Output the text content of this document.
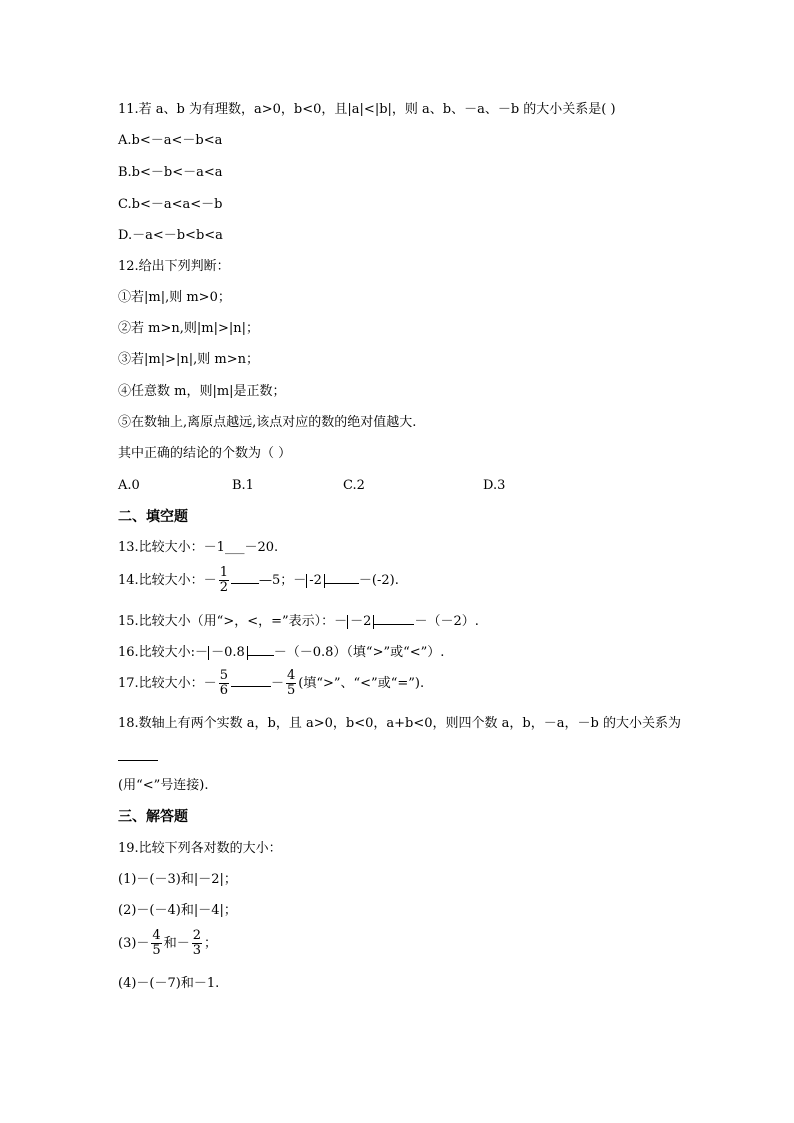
11.若 a、b 为有理数，a>0，b<0，且|a|<|b|，则 a、b、－a、－b 的大小关系是( )
A.b<－a<－b<a
B.b<－b<－a<a
C.b<－a<a<－b
D.－a<－b<b<a
12.给出下列判断：
①若|m|,则 m>0；
②若 m>n,则|m|>|n|；
③若|m|>|n|,则 m>n；
④任意数 m，则|m|是正数；
⑤在数轴上,离原点越远,该点对应的数的绝对值越大.
其中正确的结论的个数为（ ）
A.0	B.1	C.2	D.3
二、填空题
13.比较大小：－1___－20.
14.比较大小：－ $\frac{1}{2}$ —5；－ -2	－(-2).
15.比较大小（用“>，<，=”表示）：－ －2	－（－2）.
16.比较大小:－ －0.8 －（－0.8）（填“>”或“<”）.
17.比较大小：－ $\frac{5}{6}$	－ $\frac{4}{5}$ (填“>”、“<”或“=”).
18.数轴上有两个实数 a，b，且 a>0，b<0，a+b<0，则四个数 a，b，－a，－b 的大小关系为
(用“<”号连接).
三、解答题
19.比较下列各对数的大小：
(1)－(－3)和|－2|；
(2)－(－4)和|－4|；
$(3)- \frac{4}{5}$ 和－ $\frac{2}{3}$ ；
(4)－(－7)和－1.
